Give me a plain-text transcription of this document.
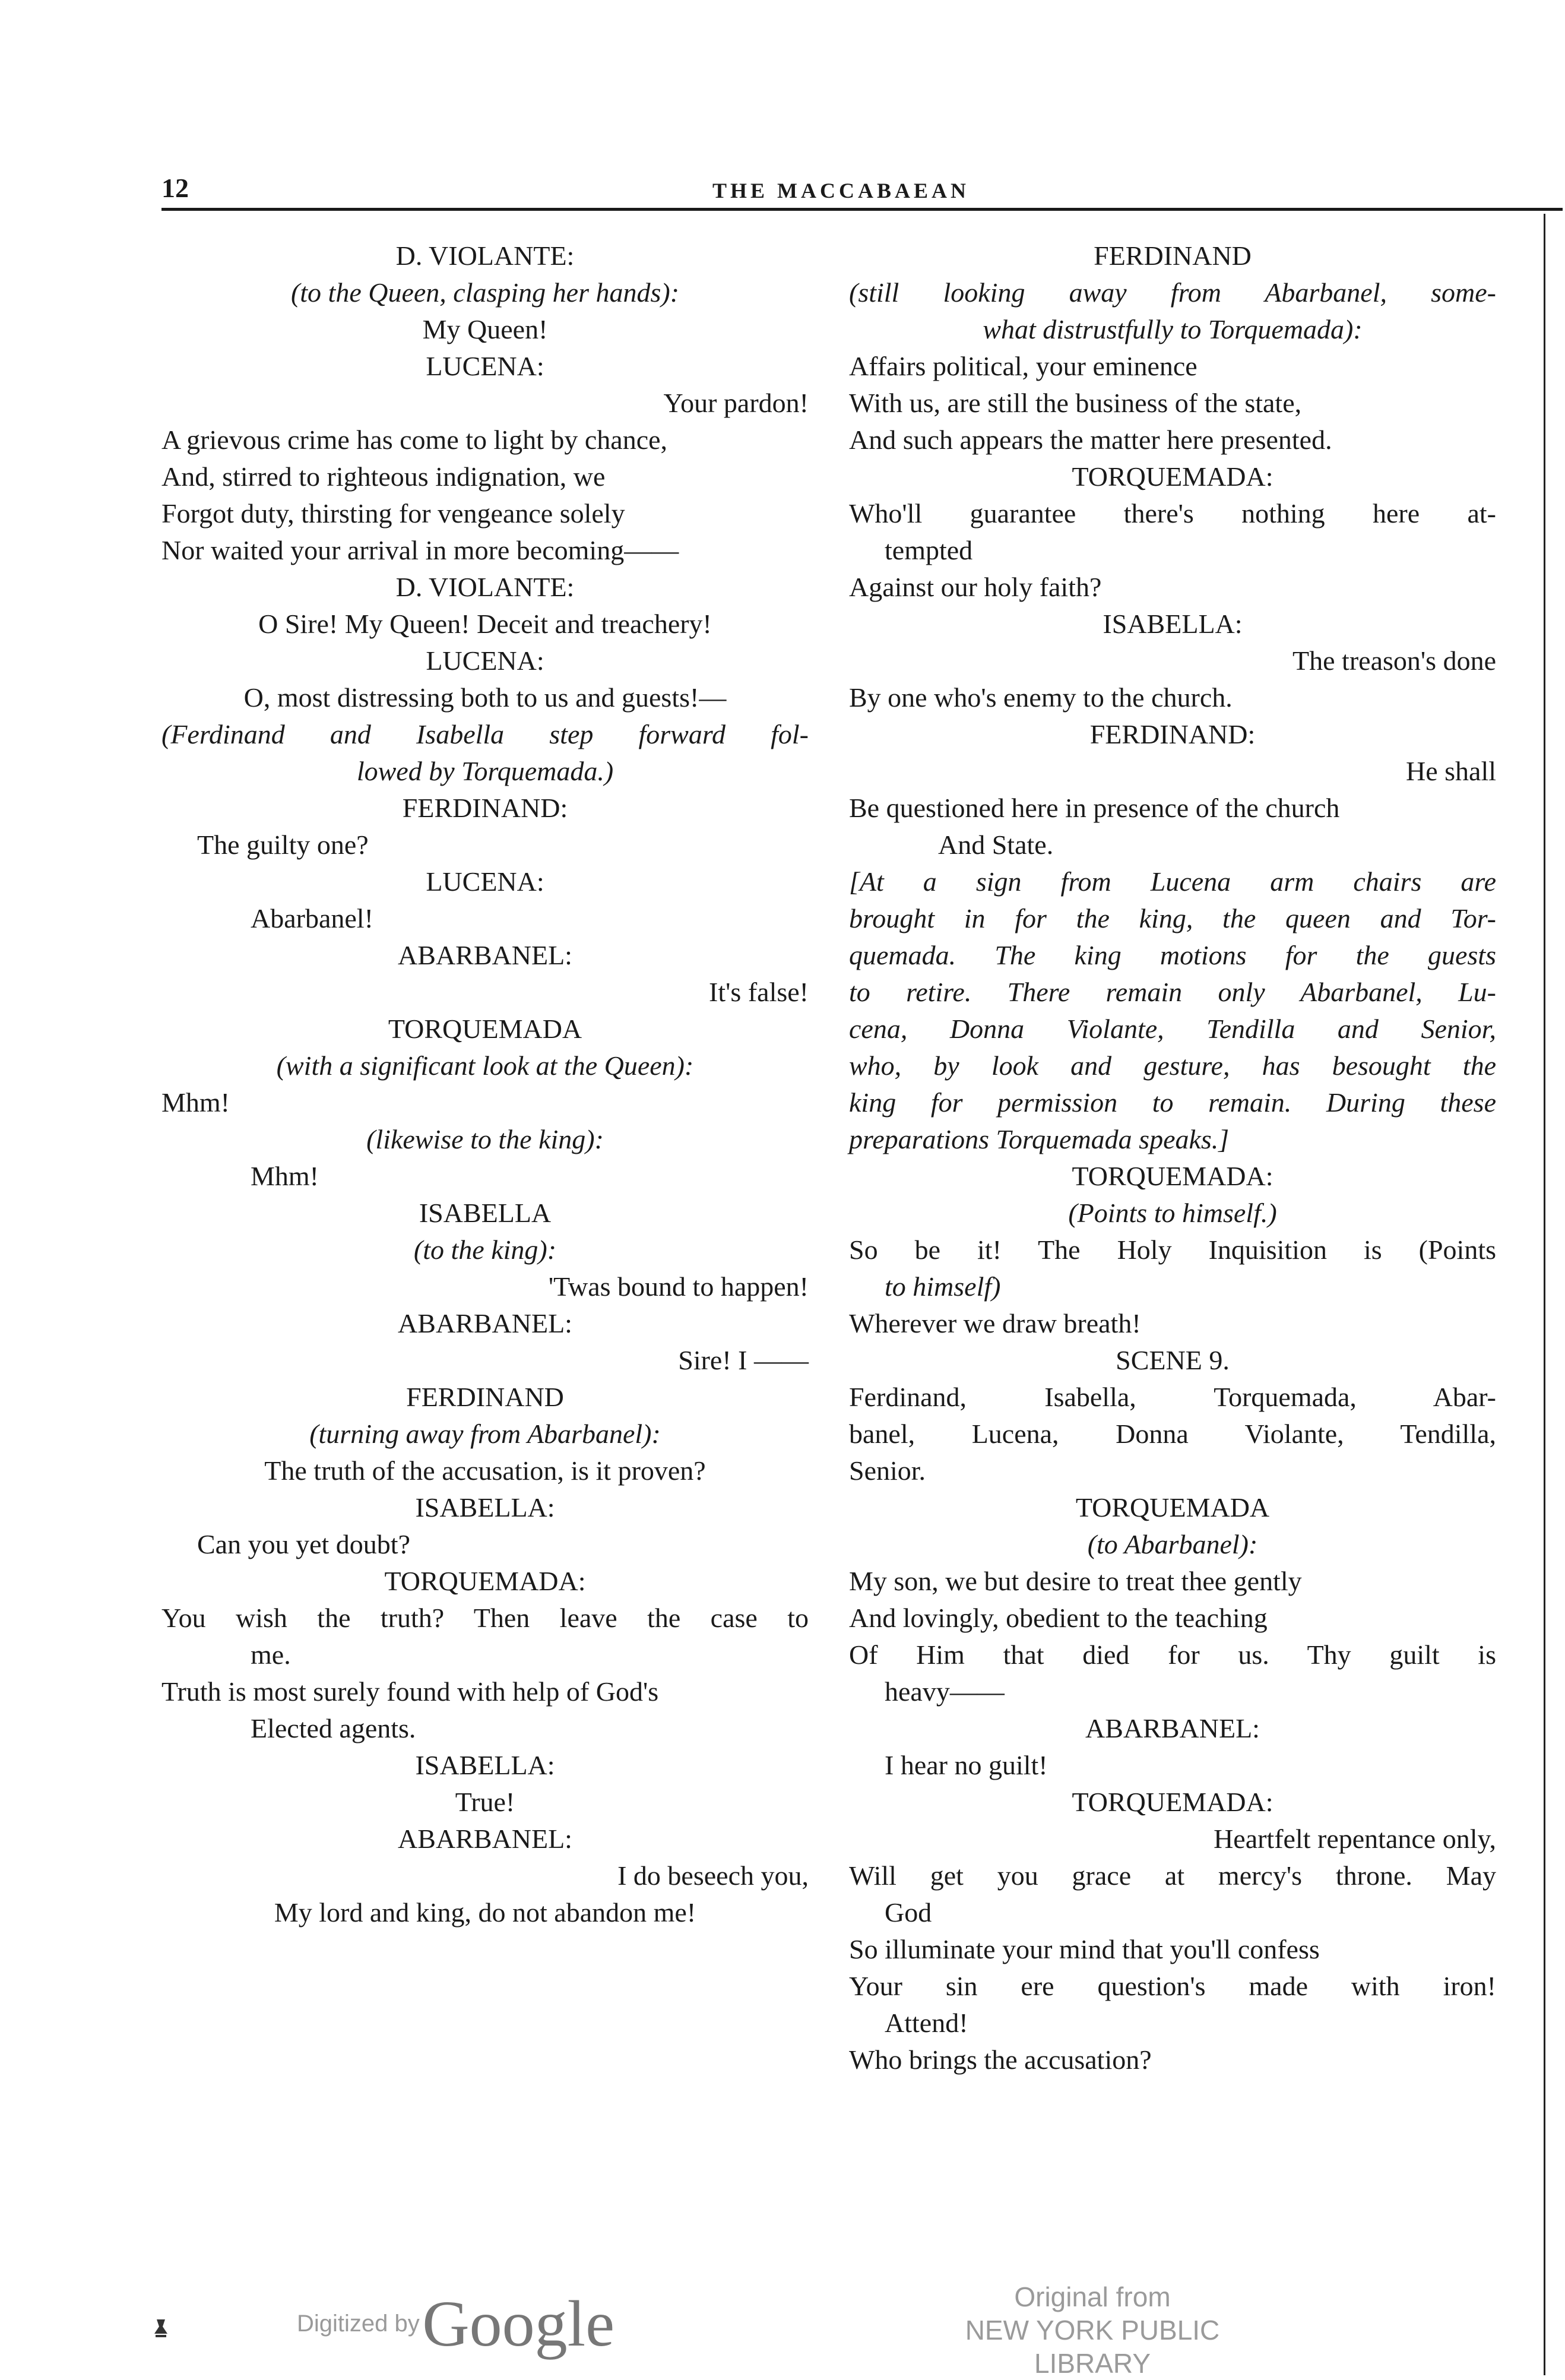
12	THE MACCABAEAN
D. VIOLANTE:
(to the Queen, clasping her hands):
My Queen!
LUCENA:
Your pardon!
A grievous crime has come to light by chance,
And, stirred to righteous indignation, we
Forgot duty, thirsting for vengeance solely
Nor waited your arrival in more becoming——
D. VIOLANTE:
O Sire! My Queen! Deceit and treachery!
LUCENA:
O, most distressing both to us and guests!—
(Ferdinand and Isabella step forward fol-
lowed by Torquemada.)
FERDINAND:
The guilty one?
LUCENA:
Abarbanel!
ABARBANEL:
It's false!
TORQUEMADA
(with a significant look at the Queen):
Mhm!
(likewise to the king):
Mhm!
ISABELLA
(to the king):
'Twas bound to happen!
ABARBANEL:
Sire! I ——
FERDINAND
(turning away from Abarbanel):
The truth of the accusation, is it proven?
ISABELLA:
Can you yet doubt?
TORQUEMADA:
You wish the truth? Then leave the case to
me.
Truth is most surely found with help of God's
Elected agents.
ISABELLA:
True!
ABARBANEL:
I do beseech you,
My lord and king, do not abandon me!
FERDINAND
(still looking away from Abarbanel, some-
what distrustfully to Torquemada):
Affairs political, your eminence
With us, are still the business of the state,
And such appears the matter here presented.
TORQUEMADA:
Who'll guarantee there's nothing here at-
tempted
Against our holy faith?
ISABELLA:
The treason's done
By one who's enemy to the church.
FERDINAND:
He shall
Be questioned here in presence of the church
And State.
[At a sign from Lucena arm chairs are
brought in for the king, the queen and Tor-
quemada. The king motions for the guests
to retire. There remain only Abarbanel, Lu-
cena, Donna Violante, Tendilla and Senior,
who, by look and gesture, has besought the
king for permission to remain. During these
preparations Torquemada speaks.]
TORQUEMADA:
(Points to himself.)
So be it! The Holy Inquisition is (Points
to himself)
Wherever we draw breath!
SCENE 9.
Ferdinand, Isabella, Torquemada, Abar-
banel, Lucena, Donna Violante, Tendilla,
Senior.
TORQUEMADA
(to Abarbanel):
My son, we but desire to treat thee gently
And lovingly, obedient to the teaching
Of Him that died for us. Thy guilt is
heavy——
ABARBANEL:
I hear no guilt!
TORQUEMADA:
Heartfelt repentance only,
Will get you grace at mercy's throne. May
God
So illuminate your mind that you'll confess
Your sin ere question's made with iron!
Attend!
Who brings the accusation?
Digitized by Google	Original from
NEW YORK PUBLIC LIBRARY
